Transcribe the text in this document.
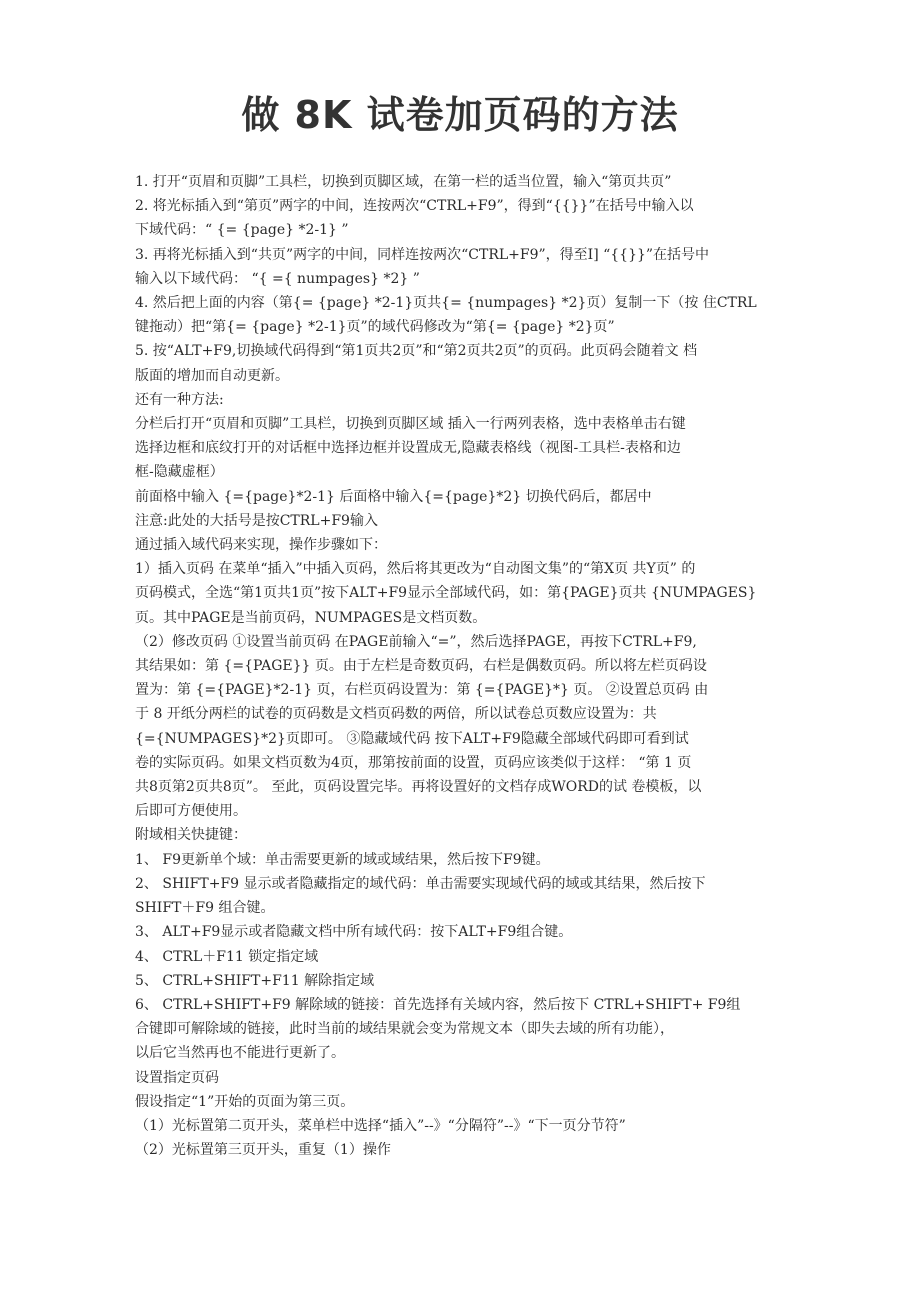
做 8K 试卷加页码的方法
1. 打开“页眉和页脚”工具栏，切换到页脚区域，在第一栏的适当位置，输入“第页共页”
2. 将光标插入到“第页”两字的中间，连按两次“CTRL+F9”，得到“{{}}”在括号中输入以
下域代码：“ {= {page} *2-1} ”
3. 再将光标插入到“共页”两字的中间，同样连按两次“CTRL+F9”，得至I] “{{}}”在括号中
输入以下域代码： “{ ={ numpages} *2} ”
4. 然后把上面的内容（第{= {page} *2-1}页共{= {numpages} *2}页）复制一下（按 住CTRL
键拖动）把“第{= {page} *2-1}页”的域代码修改为“第{= {page} *2}页”
5. 按“ALT+F9,切换域代码得到“第1页共2页”和“第2页共2页”的页码。此页码会随着文 档
版面的增加而自动更新。
还有一种方法:
分栏后打开“页眉和页脚”工具栏，切换到页脚区域 插入一行两列表格，选中表格单击右键
选择边框和底纹打开的对话框中选择边框并设置成无,隐藏表格线（视图-工具栏-表格和边
框-隐藏虚框）
前面格中输入 {={page}*2-1} 后面格中输入{={page}*2} 切换代码后，都居中
注意:此处的大括号是按CTRL+F9输入
通过插入域代码来实现，操作步骤如下：
1）插入页码 在菜单“插入”中插入页码，然后将其更改为“自动图文集”的“第X页 共Y页” 的
页码模式，全选“第1页共1页”按下ALT+F9显示全部域代码，如：第{PAGE}页共 {NUMPAGES}
页。其中PAGE是当前页码，NUMPAGES是文档页数。
（2）修改页码 ①设置当前页码 在PAGE前输入“=”，然后选择PAGE，再按下CTRL+F9,
其结果如：第 {={PAGE}} 页。由于左栏是奇数页码，右栏是偶数页码。所以将左栏页码设
置为：第 {={PAGE}*2-1} 页，右栏页码设置为：第 {={PAGE}*} 页。 ②设置总页码 由
于 8 开纸分两栏的试卷的页码数是文档页码数的两倍，所以试卷总页数应设置为：共
{={NUMPAGES}*2}页即可。 ③隐藏域代码 按下ALT+F9隐藏全部域代码即可看到试
卷的实际页码。如果文档页数为4页，那第按前面的设置，页码应该类似于这样： “第 1 页
共8页第2页共8页”。 至此，页码设置完毕。再将设置好的文档存成WORD的试 卷模板，以
后即可方便使用。
附域相关快捷键：
1、 F9更新单个域：单击需要更新的域或域结果，然后按下F9键。
2、 SHIFT+F9 显示或者隐藏指定的域代码：单击需要实现域代码的域或其结果，然后按下
SHIFT＋F9 组合键。
3、 ALT+F9显示或者隐藏文档中所有域代码：按下ALT+F9组合键。
4、 CTRL＋F11 锁定指定域
5、 CTRL+SHIFT+F11 解除指定域
6、 CTRL+SHIFT+F9 解除域的链接：首先选择有关域内容，然后按下 CTRL+SHIFT+ F9组
合键即可解除域的链接，此时当前的域结果就会变为常规文本（即失去域的所有功能），
以后它当然再也不能进行更新了。
设置指定页码
假设指定“1”开始的页面为第三页。
（1）光标置第二页开头，菜单栏中选择“插入”--》“分隔符”--》“下一页分节符”
（2）光标置第三页开头，重复（1）操作
